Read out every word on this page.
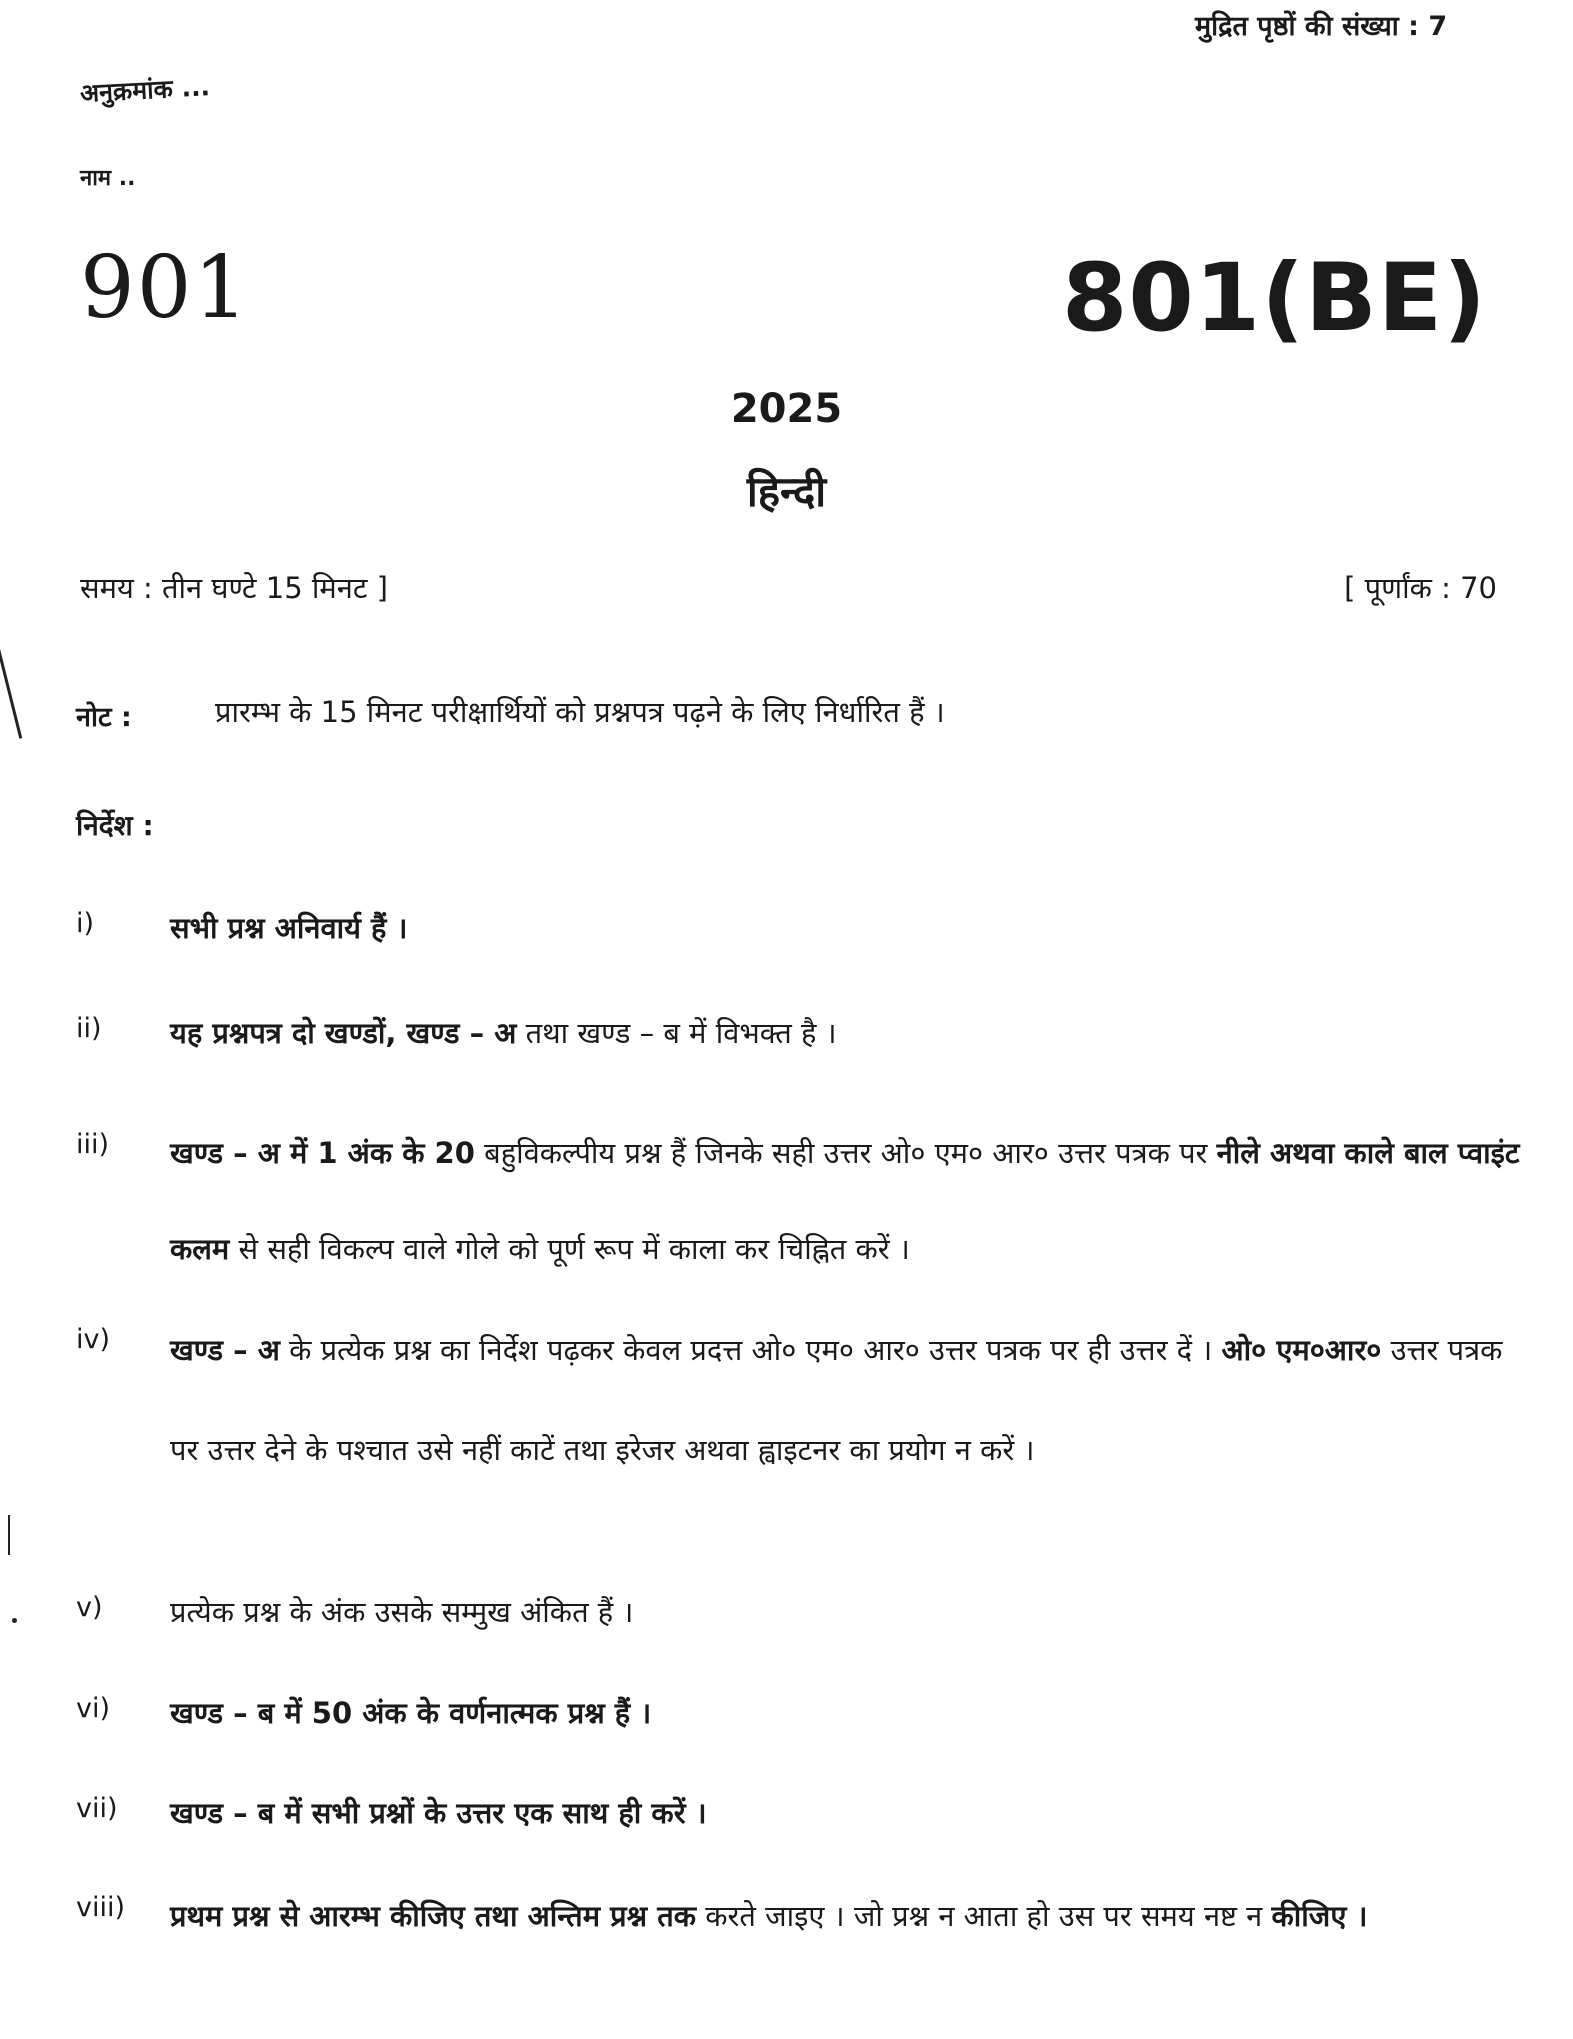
मुद्रित पृष्ठों की संख्या : 7
अनुक्रमांक ...
नाम ..
901	801(BE)
2025
हिन्दी
समय : तीन घण्टे 15 मिनट ]	[ पूर्णांक : 70
नोट :	प्रारम्भ के 15 मिनट परीक्षार्थियों को प्रश्नपत्र पढ़ने के लिए निर्धारित हैं ।
निर्देश :
i)	सभी प्रश्न अनिवार्य हैं ।
ii) यह प्रश्नपत्र दो खण्डों, खण्ड – अ तथा खण्ड – ब में विभक्त है ।
iii) खण्ड – अ में 1 अंक के 20 बहुविकल्पीय प्रश्न हैं जिनके सही उत्तर ओ० एम० आर० उत्तर पत्रक पर नीले अथवा काले बाल प्वाइंट कलम से सही विकल्प वाले गोले को पूर्ण रूप में काला कर चिह्नित करें ।
iv) खण्ड – अ के प्रत्येक प्रश्न का निर्देश पढ़कर केवल प्रदत्त ओ० एम० आर० उत्तर पत्रक पर ही उत्तर दें । ओ० एम०आर० उत्तर पत्रक पर उत्तर देने के पश्चात उसे नहीं काटें तथा इरेजर अथवा ह्वाइटनर का प्रयोग न करें ।
v) प्रत्येक प्रश्न के अंक उसके सम्मुख अंकित हैं ।
vi) खण्ड – ब में 50 अंक के वर्णनात्मक प्रश्न हैं ।
vii) खण्ड – ब में सभी प्रश्नों के उत्तर एक साथ ही करें ।
viii) प्रथम प्रश्न से आरम्भ कीजिए तथा अन्तिम प्रश्न तक करते जाइए । जो प्रश्न न आता हो उस पर समय नष्ट न कीजिए ।
